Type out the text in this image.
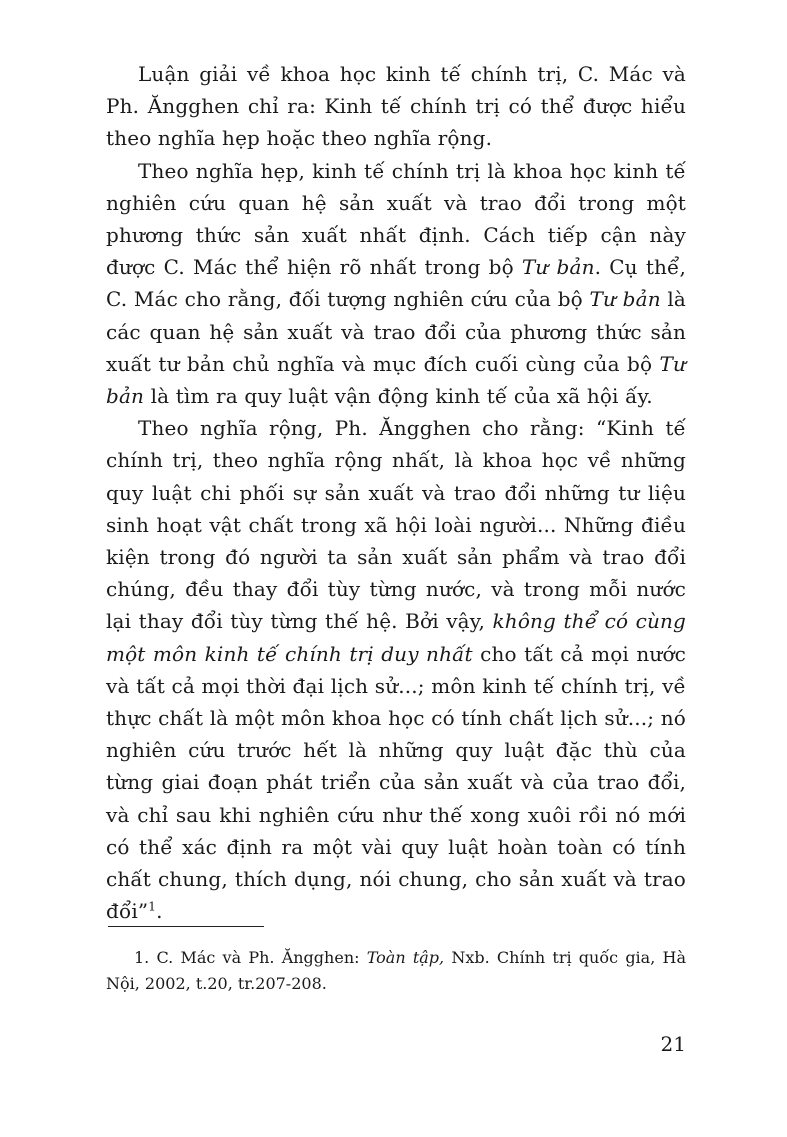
Luận giải về khoa học kinh tế chính trị, C. Mác và Ph. Ăngghen chỉ ra: Kinh tế chính trị có thể được hiểu theo nghĩa hẹp hoặc theo nghĩa rộng.

Theo nghĩa hẹp, kinh tế chính trị là khoa học kinh tế nghiên cứu quan hệ sản xuất và trao đổi trong một phương thức sản xuất nhất định. Cách tiếp cận này được C. Mác thể hiện rõ nhất trong bộ Tư bản. Cụ thể, C. Mác cho rằng, đối tượng nghiên cứu của bộ Tư bản là các quan hệ sản xuất và trao đổi của phương thức sản xuất tư bản chủ nghĩa và mục đích cuối cùng của bộ Tư bản là tìm ra quy luật vận động kinh tế của xã hội ấy.

Theo nghĩa rộng, Ph. Ăngghen cho rằng: “Kinh tế chính trị, theo nghĩa rộng nhất, là khoa học về những quy luật chi phối sự sản xuất và trao đổi những tư liệu sinh hoạt vật chất trong xã hội loài người... Những điều kiện trong đó người ta sản xuất sản phẩm và trao đổi chúng, đều thay đổi tùy từng nước, và trong mỗi nước lại thay đổi tùy từng thế hệ. Bởi vậy, không thể có cùng một môn kinh tế chính trị duy nhất cho tất cả mọi nước và tất cả mọi thời đại lịch sử...; môn kinh tế chính trị, về thực chất là một môn khoa học có tính chất lịch sử...; nó nghiên cứu trước hết là những quy luật đặc thù của từng giai đoạn phát triển của sản xuất và của trao đổi, và chỉ sau khi nghiên cứu như thế xong xuôi rồi nó mới có thể xác định ra một vài quy luật hoàn toàn có tính chất chung, thích dụng, nói chung, cho sản xuất và trao đổi”$^1$.

1. C. Mác và Ph. Ăngghen: Toàn tập, Nxb. Chính trị quốc gia, Hà Nội, 2002, t.20, tr.207-208.
21
